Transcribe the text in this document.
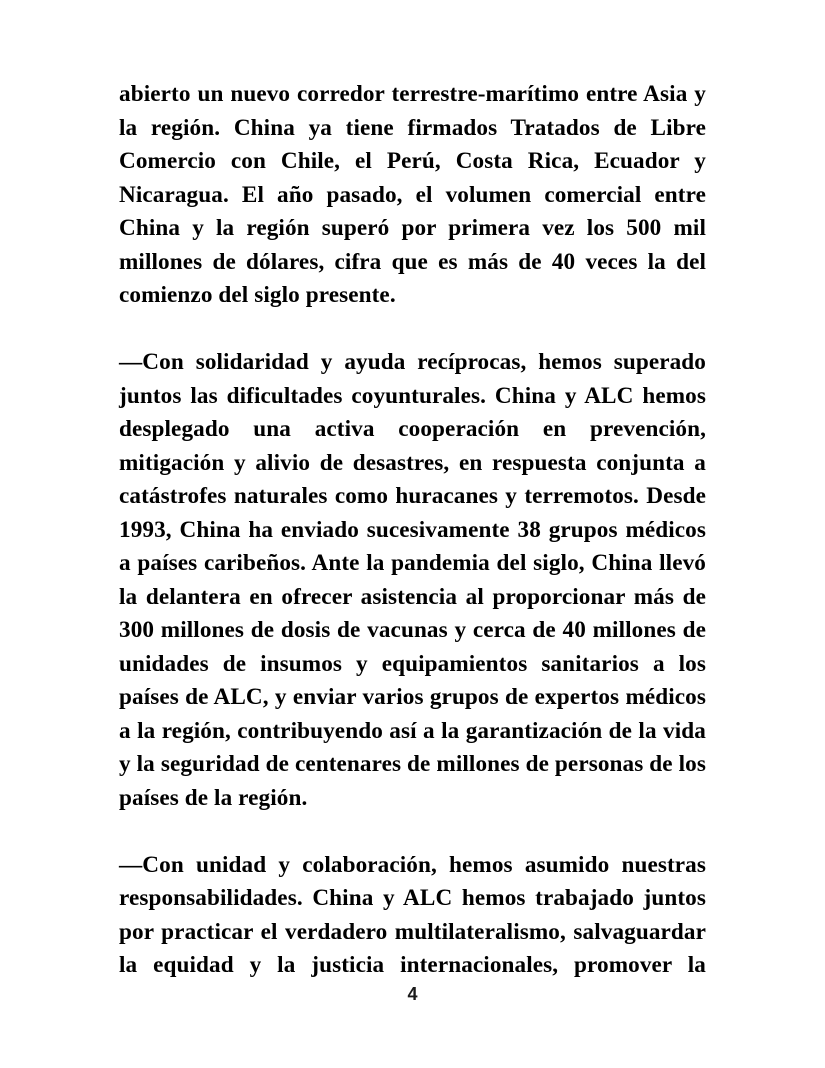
abierto un nuevo corredor terrestre-marítimo entre Asia y la región. China ya tiene firmados Tratados de Libre Comercio con Chile, el Perú, Costa Rica, Ecuador y Nicaragua. El año pasado, el volumen comercial entre China y la región superó por primera vez los 500 mil millones de dólares, cifra que es más de 40 veces la del comienzo del siglo presente.

—Con solidaridad y ayuda recíprocas, hemos superado juntos las dificultades coyunturales. China y ALC hemos desplegado una activa cooperación en prevención, mitigación y alivio de desastres, en respuesta conjunta a catástrofes naturales como huracanes y terremotos. Desde 1993, China ha enviado sucesivamente 38 grupos médicos a países caribeños. Ante la pandemia del siglo, China llevó la delantera en ofrecer asistencia al proporcionar más de 300 millones de dosis de vacunas y cerca de 40 millones de unidades de insumos y equipamientos sanitarios a los países de ALC, y enviar varios grupos de expertos médicos a la región, contribuyendo así a la garantización de la vida y la seguridad de centenares de millones de personas de los países de la región.

—Con unidad y colaboración, hemos asumido nuestras responsabilidades. China y ALC hemos trabajado juntos por practicar el verdadero multilateralismo, salvaguardar la equidad y la justicia internacionales, promover la

4
